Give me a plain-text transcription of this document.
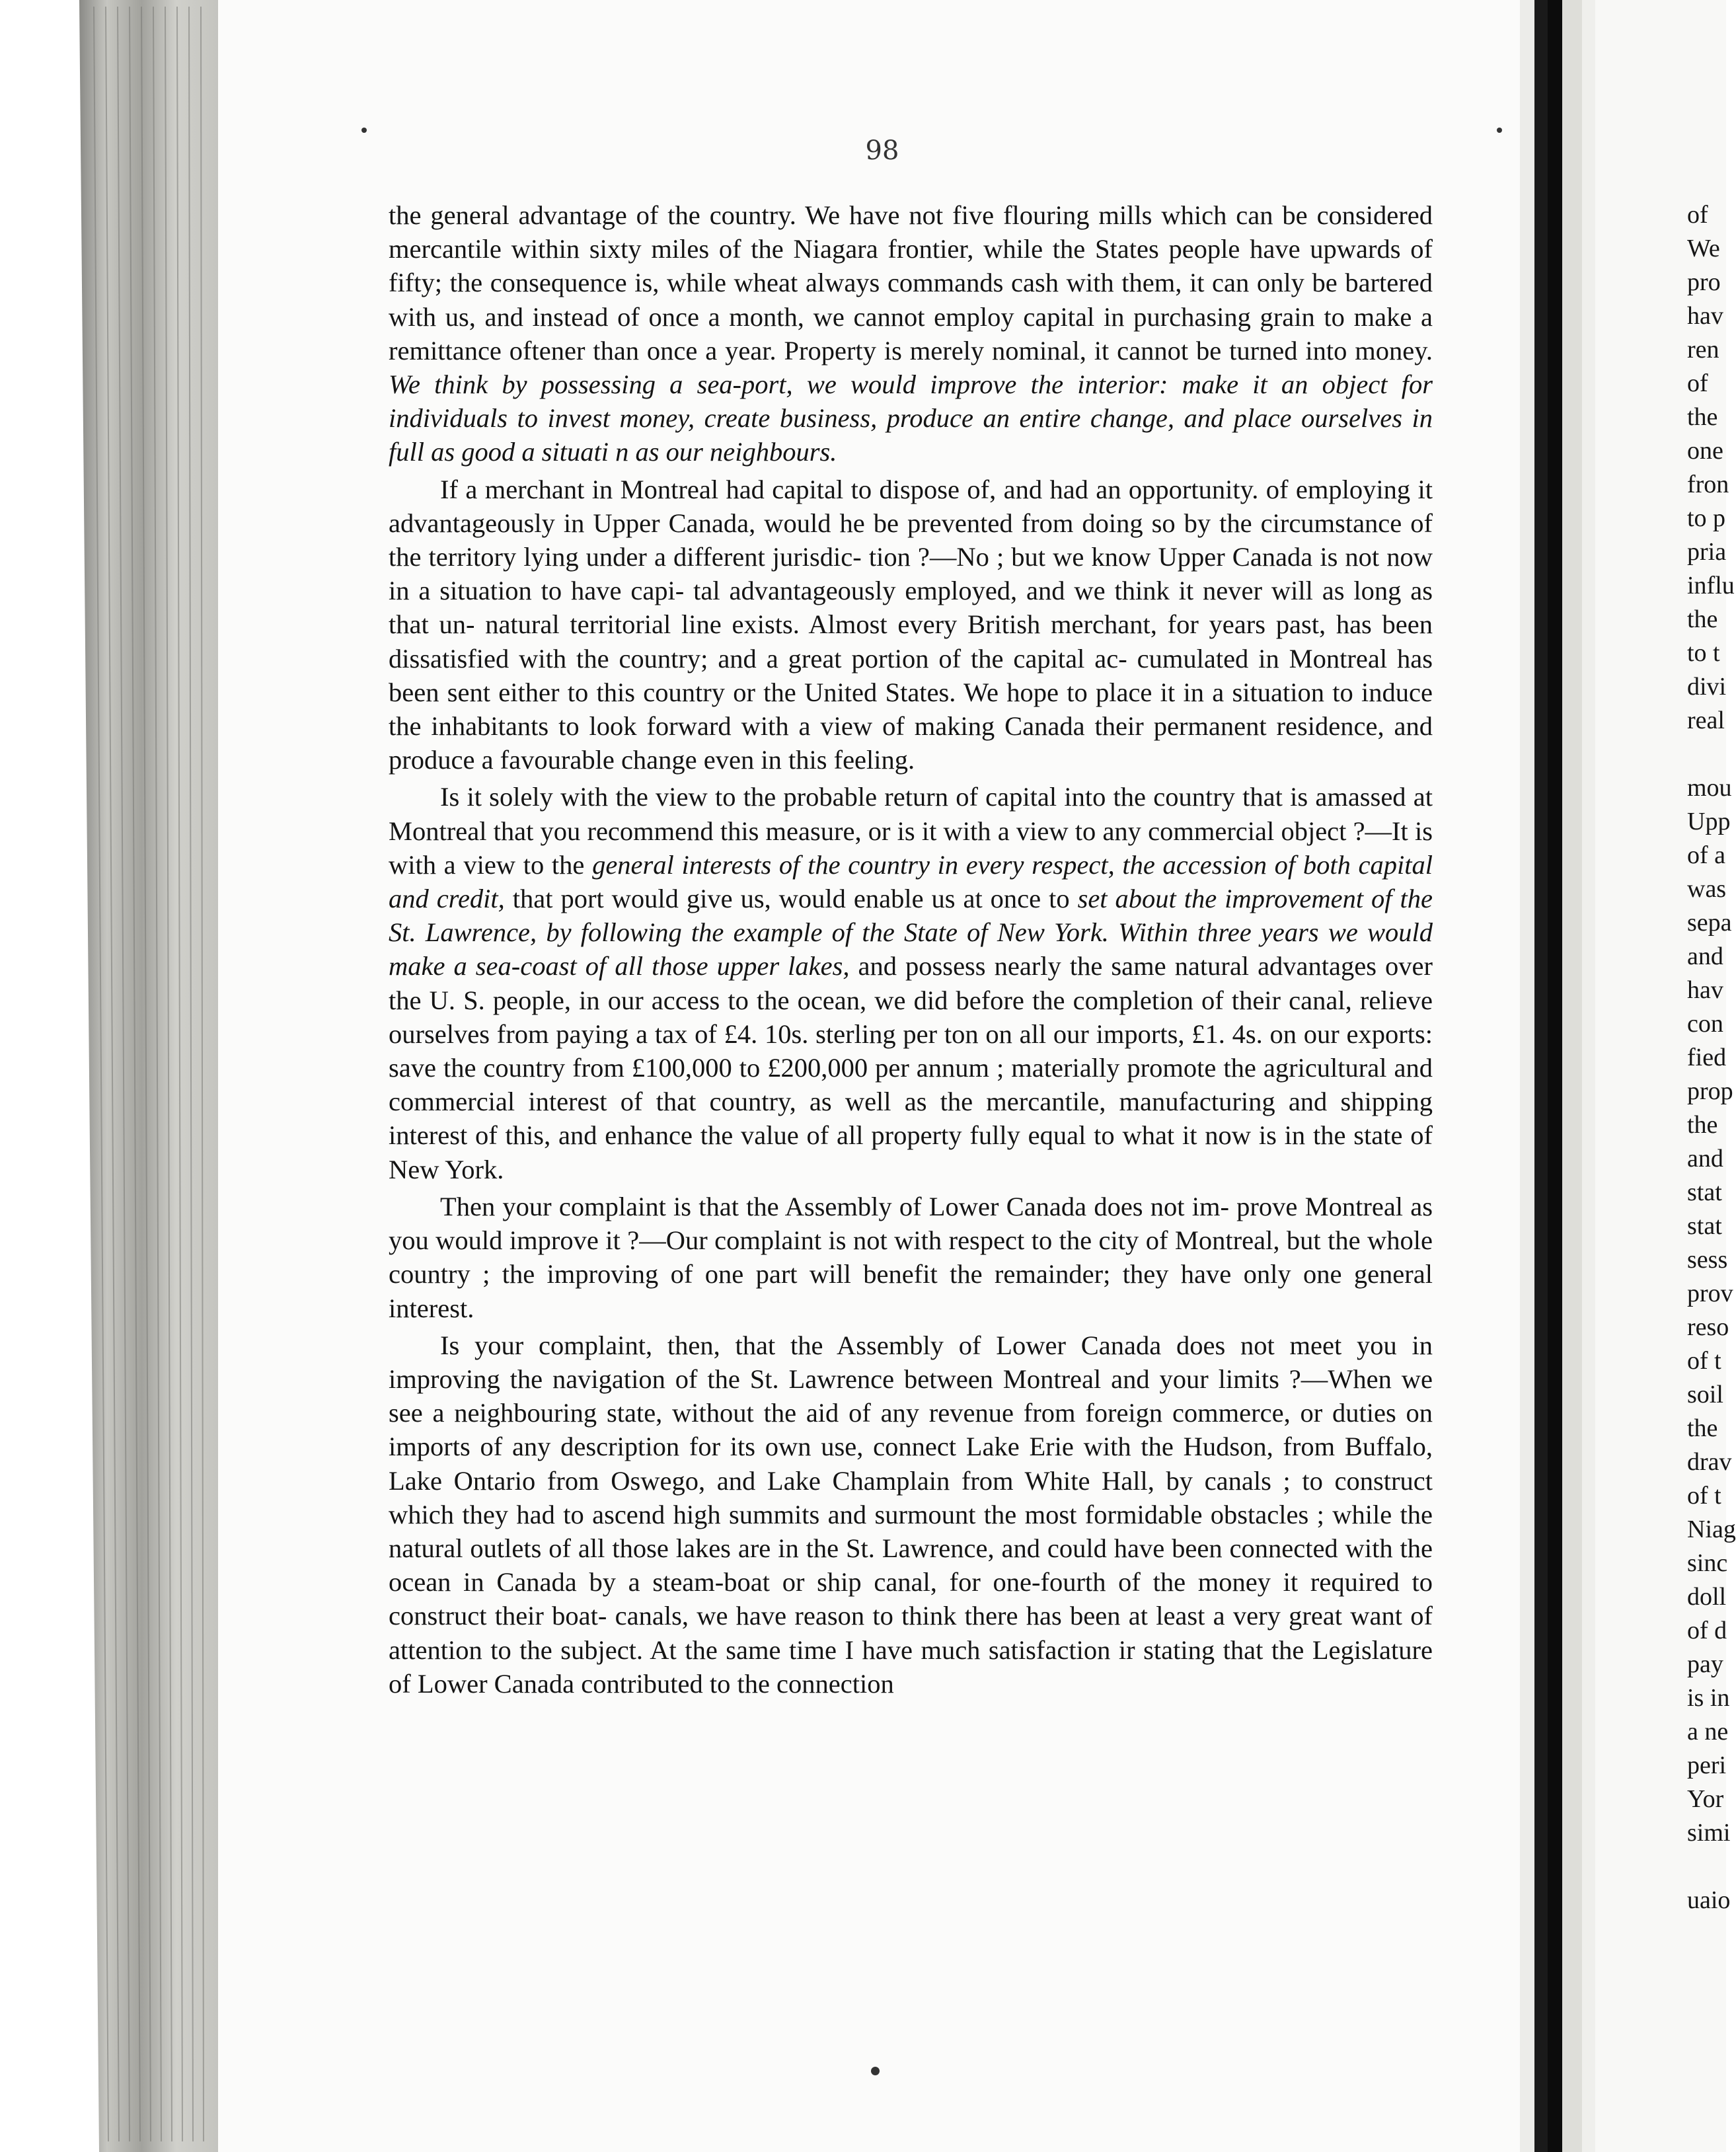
98

the general advantage of the country. We have not five flouring mills which can be considered mercantile within sixty miles of the Niagara frontier, while the States people have upwards of fifty; the consequence is, while wheat always commands cash with them, it can only be bartered with us, and instead of once a month, we cannot employ capital in purchasing grain to make a remittance oftener than once a year. Property is merely nominal, it cannot be turned into money. We think by possessing a sea-port, we would improve the interior: make it an object for individuals to invest money, create business, produce an entire change, and place ourselves in full as good a situati n as our neighbours.

If a merchant in Montreal had capital to dispose of, and had an opportunity. of employing it advantageously in Upper Canada, would he be prevented from doing so by the circumstance of the territory lying under a different jurisdic- tion ?—No ; but we know Upper Canada is not now in a situation to have capi- tal advantageously employed, and we think it never will as long as that un- natural territorial line exists. Almost every British merchant, for years past, has been dissatisfied with the country; and a great portion of the capital ac- cumulated in Montreal has been sent either to this country or the United States. We hope to place it in a situation to induce the inhabitants to look forward with a view of making Canada their permanent residence, and produce a favourable change even in this feeling.

Is it solely with the view to the probable return of capital into the country that is amassed at Montreal that you recommend this measure, or is it with a view to any commercial object ?—It is with a view to the general interests of the country in every respect, the accession of both capital and credit, that port would give us, would enable us at once to set about the improvement of the St. Lawrence, by following the example of the State of New York. Within three years we would make a sea-coast of all those upper lakes, and possess nearly the same natural advantages over the U. S. people, in our access to the ocean, we did before the completion of their canal, relieve ourselves from paying a tax of £4. 10s. sterling per ton on all our imports, £1. 4s. on our exports: save the country from £100,000 to £200,000 per annum ; materially promote the agricultural and commercial interest of that country, as well as the mercantile, manufacturing and shipping interest of this, and enhance the value of all property fully equal to what it now is in the state of New York.

Then your complaint is that the Assembly of Lower Canada does not im- prove Montreal as you would improve it ?—Our complaint is not with respect to the city of Montreal, but the whole country ; the improving of one part will benefit the remainder; they have only one general interest.

Is your complaint, then, that the Assembly of Lower Canada does not meet you in improving the navigation of the St. Lawrence between Montreal and your limits ?—When we see a neighbouring state, without the aid of any revenue from foreign commerce, or duties on imports of any description for its own use, connect Lake Erie with the Hudson, from Buffalo, Lake Ontario from Oswego, and Lake Champlain from White Hall, by canals ; to construct which they had to ascend high summits and surmount the most formidable obstacles ; while the natural outlets of all those lakes are in the St. Lawrence, and could have been connected with the ocean in Canada by a steam-boat or ship canal, for one-fourth of the money it required to construct their boat- canals, we have reason to think there has been at least a very great want of attention to the subject. At the same time I have much satisfaction ir stating that the Legislature of Lower Canada contributed to the connection

of
We
pro
hav
ren
of
the
one
fron
to p
pria
influ
the
to t
divi
real
mou
Upp
of a
was
sepa
and
hav
con
fied
prop
the
and
stat
stat
sess
prov
reso
of t
soil
the
drav
of t
Niag
sinc
doll
of d
pay
is in
a ne
peri
Yor
simi
uaio
